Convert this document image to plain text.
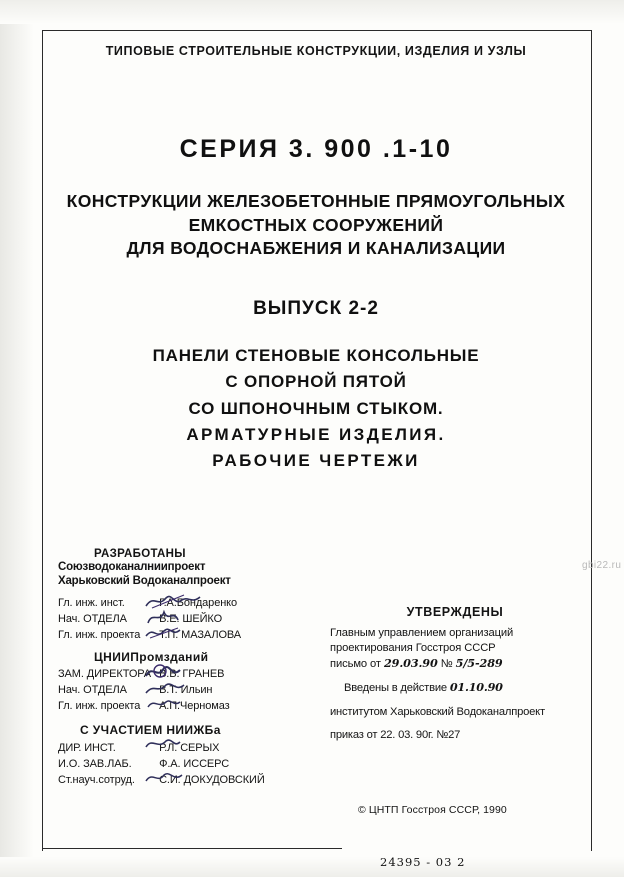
ТИПОВЫЕ СТРОИТЕЛЬНЫЕ КОНСТРУКЦИИ, ИЗДЕЛИЯ И УЗЛЫ
СЕРИЯ 3. 900 .1-10
КОНСТРУКЦИИ ЖЕЛЕЗОБЕТОННЫЕ ПРЯМОУГОЛЬНЫХ
ЕМКОСТНЫХ СООРУЖЕНИЙ
ДЛЯ ВОДОСНАБЖЕНИЯ И КАНАЛИЗАЦИИ
ВЫПУСК 2-2
ПАНЕЛИ СТЕНОВЫЕ КОНСОЛЬНЫЕ
С ОПОРНОЙ ПЯТОЙ
СО ШПОНОЧНЫМ СТЫКОМ.
АРМАТУРНЫЕ ИЗДЕЛИЯ.
РАБОЧИЕ ЧЕРТЕЖИ
РАЗРАБОТАНЫ
Союзводоканалниипроект
Харьковский Водоканалпроект
Гл. инж. инст.	Г.А.Бондаренко
Нач. ОТДЕЛА	В.Е. ШЕЙКО
Гл. инж. проекта Т.П. МАЗАЛОВА
ЦНИИПромзданий
ЗАМ. ДИРЕКТОРА В.В. ГРАНЕВ
Нач. ОТДЕЛА	В.Т. Ильин
Гл. инж. проекта А.П.Черномаз
С УЧАСТИЕМ НИИЖБа
ДИР. ИНСТ.	Р.Л. СЕРЫХ
И.О. ЗАВ.ЛАБ.	Ф.А. ИССЕРС
Ст.науч.сотруд. С.И. ДОКУДОВСКИЙ
УТВЕРЖДЕНЫ
Главным управлением организаций
проектирования Госстроя СССР
письмо от 29.03.90 № 5/5-289
Введены в действие 01.10.90
институтом Харьковский Водоканалпроект
приказ от 22. 03. 90г. №27
© ЦНТП Госстроя СССР, 1990
24395 - 03 2
gbi22.ru
